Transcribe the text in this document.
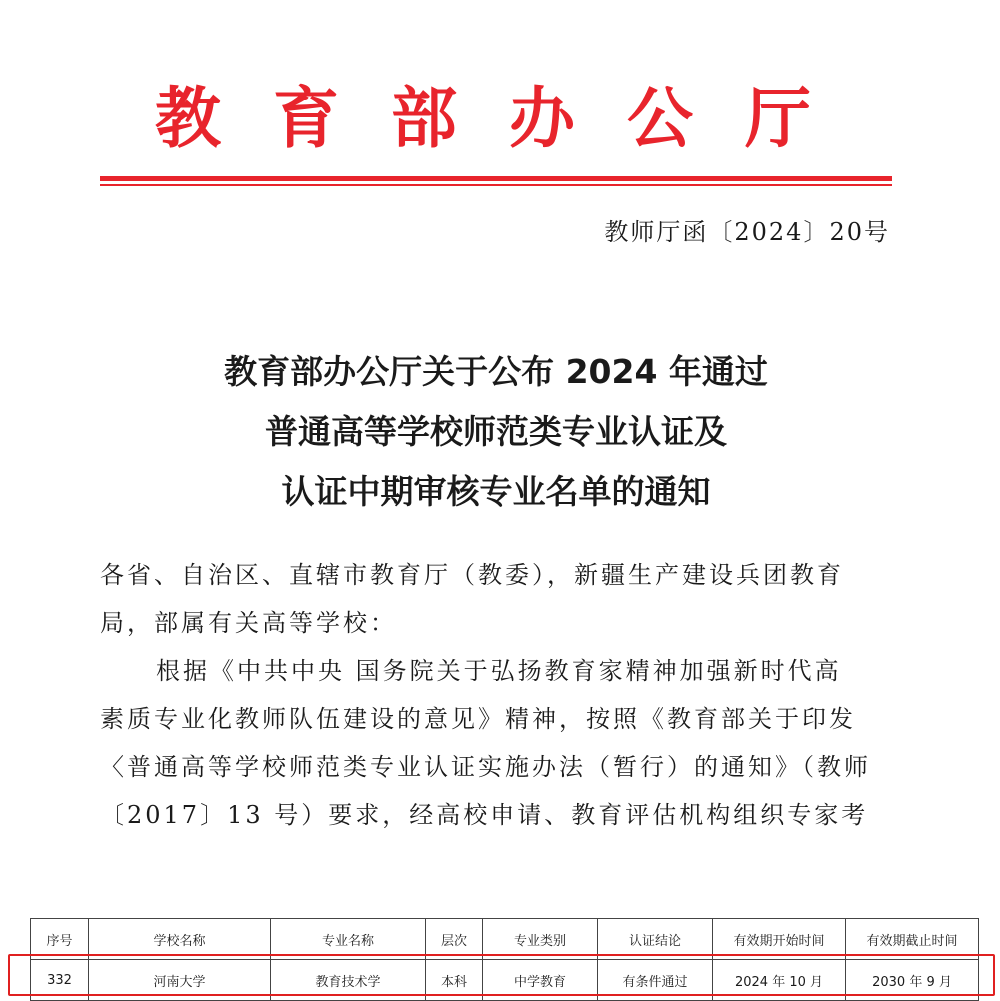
教育部办公厅
教师厅函〔2024〕20号
教育部办公厅关于公布 2024 年通过
普通高等学校师范类专业认证及
认证中期审核专业名单的通知
各省、自治区、直辖市教育厅（教委），新疆生产建设兵团教育
局，部属有关高等学校：
根据《中共中央 国务院关于弘扬教育家精神加强新时代高
素质专业化教师队伍建设的意见》精神，按照《教育部关于印发
〈普通高等学校师范类专业认证实施办法（暂行）的通知》（教师
〔2017〕13 号）要求，经高校申请、教育评估机构组织专家考
序号	学校名称	专业名称	层次	专业类别	认证结论	有效期开始时间	有效期截止时间
332	河南大学	教育技术学	本科	中学教育	有条件通过	2024 年 10 月	2030 年 9 月
